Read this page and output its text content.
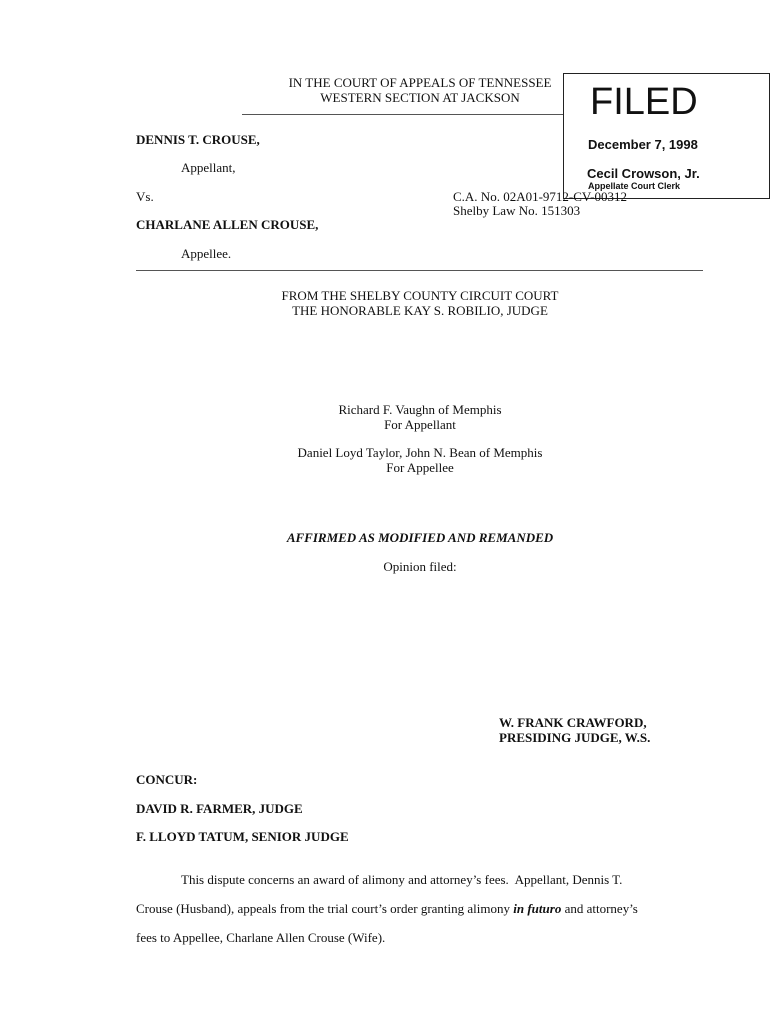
IN THE COURT OF APPEALS OF TENNESSEE
WESTERN SECTION AT JACKSON	FILED
December 7, 1998
Cecil Crowson, Jr.
Appellate Court Clerk
DENNIS T. CROUSE,
Appellant,
Vs.	C.A. No. 02A01-9712-CV-00312
Shelby Law No. 151303
CHARLANE ALLEN CROUSE,
Appellee.
FROM THE SHELBY COUNTY CIRCUIT COURT
THE HONORABLE KAY S. ROBILIO, JUDGE
Richard F. Vaughn of Memphis
For Appellant
Daniel Loyd Taylor, John N. Bean of Memphis
For Appellee
AFFIRMED AS MODIFIED AND REMANDED
Opinion filed:
W. FRANK CRAWFORD,
PRESIDING JUDGE, W.S.
CONCUR:
DAVID R. FARMER, JUDGE
F. LLOYD TATUM, SENIOR JUDGE
This dispute concerns an award of alimony and attorney’s fees.  Appellant, Dennis T.
Crouse (Husband), appeals from the trial court’s order granting alimony in futuro and attorney’s
fees to Appellee, Charlane Allen Crouse (Wife).
